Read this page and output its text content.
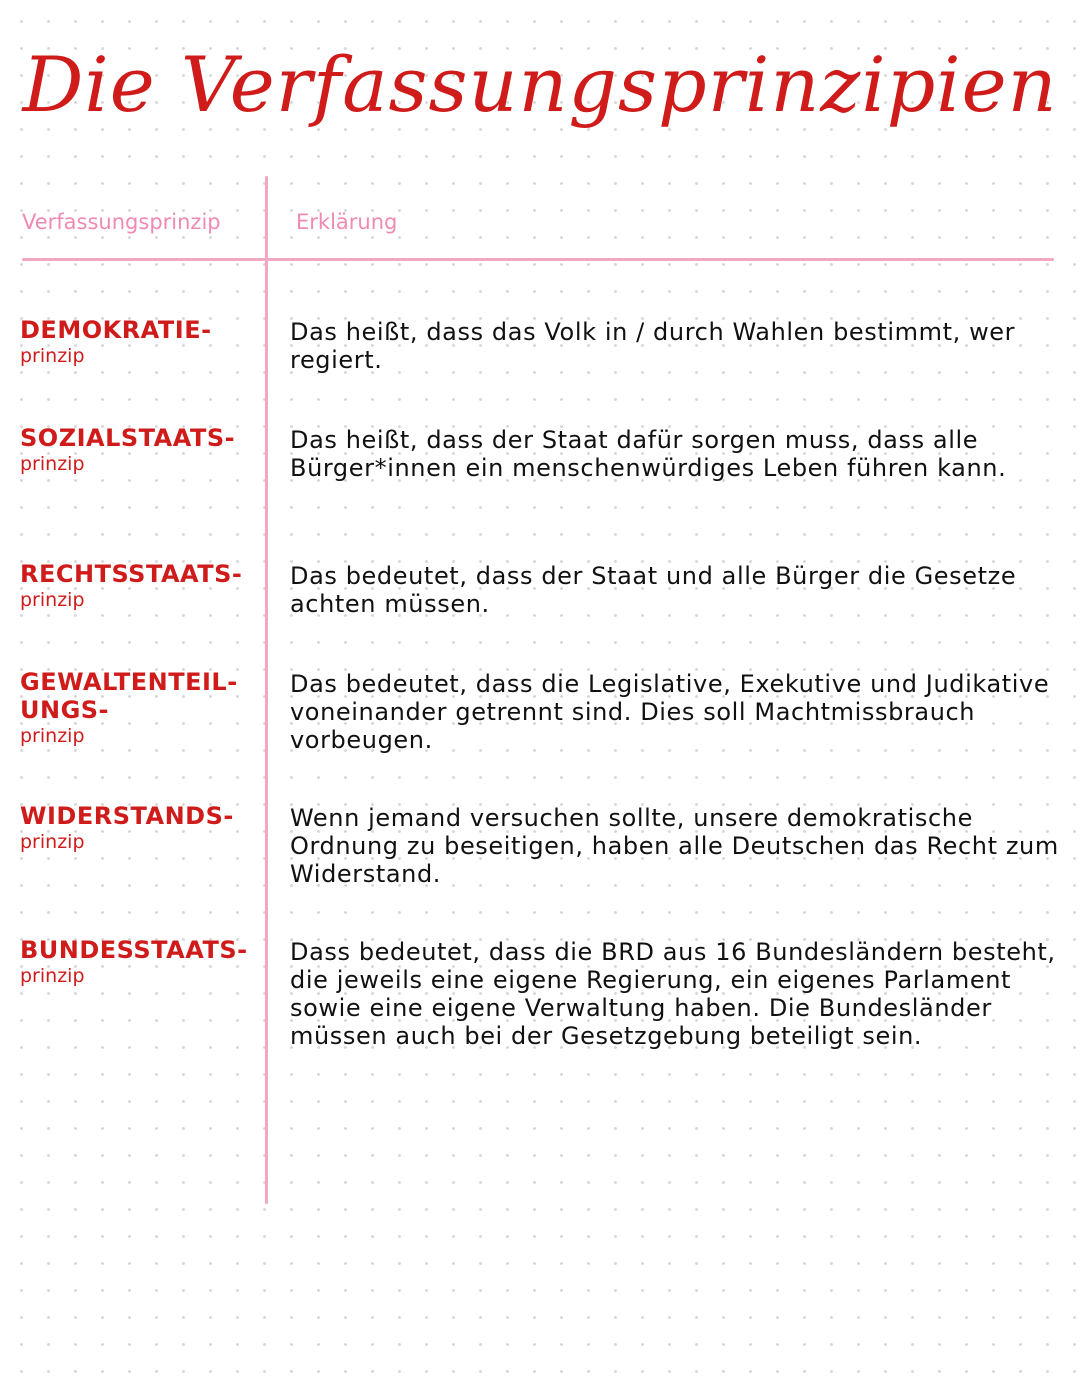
Die Verfassungsprinzipien
Verfassungsprinzip	Erklärung
DEMOKRATIE-
prinzip

Das heißt, dass das Volk in / durch Wahlen bestimmt, wer regiert.

SOZIALSTAATS-
prinzip

Das heißt, dass der Staat dafür sorgen muss, dass alle Bürger*innen ein menschenwürdiges Leben führen kann.

RECHTSSTAATS-
prinzip

Das bedeutet, dass der Staat und alle Bürger die Gesetze achten müssen.

GEWALTENTEIL-
UNGS-
prinzip

Das bedeutet, dass die Legislative, Exekutive und Judikative voneinander getrennt sind. Dies soll Machtmissbrauch vorbeugen.

WIDERSTANDS-
prinzip

Wenn jemand versuchen sollte, unsere demokratische Ordnung zu beseitigen, haben alle Deutschen das Recht zum Widerstand.

BUNDESSTAATS-
prinzip

Dass bedeutet, dass die BRD aus 16 Bundesländern besteht, die jeweils eine eigene Regierung, ein eigenes Parlament sowie eine eigene Verwaltung haben. Die Bundesländer müssen auch bei der Gesetzgebung beteiligt sein.
